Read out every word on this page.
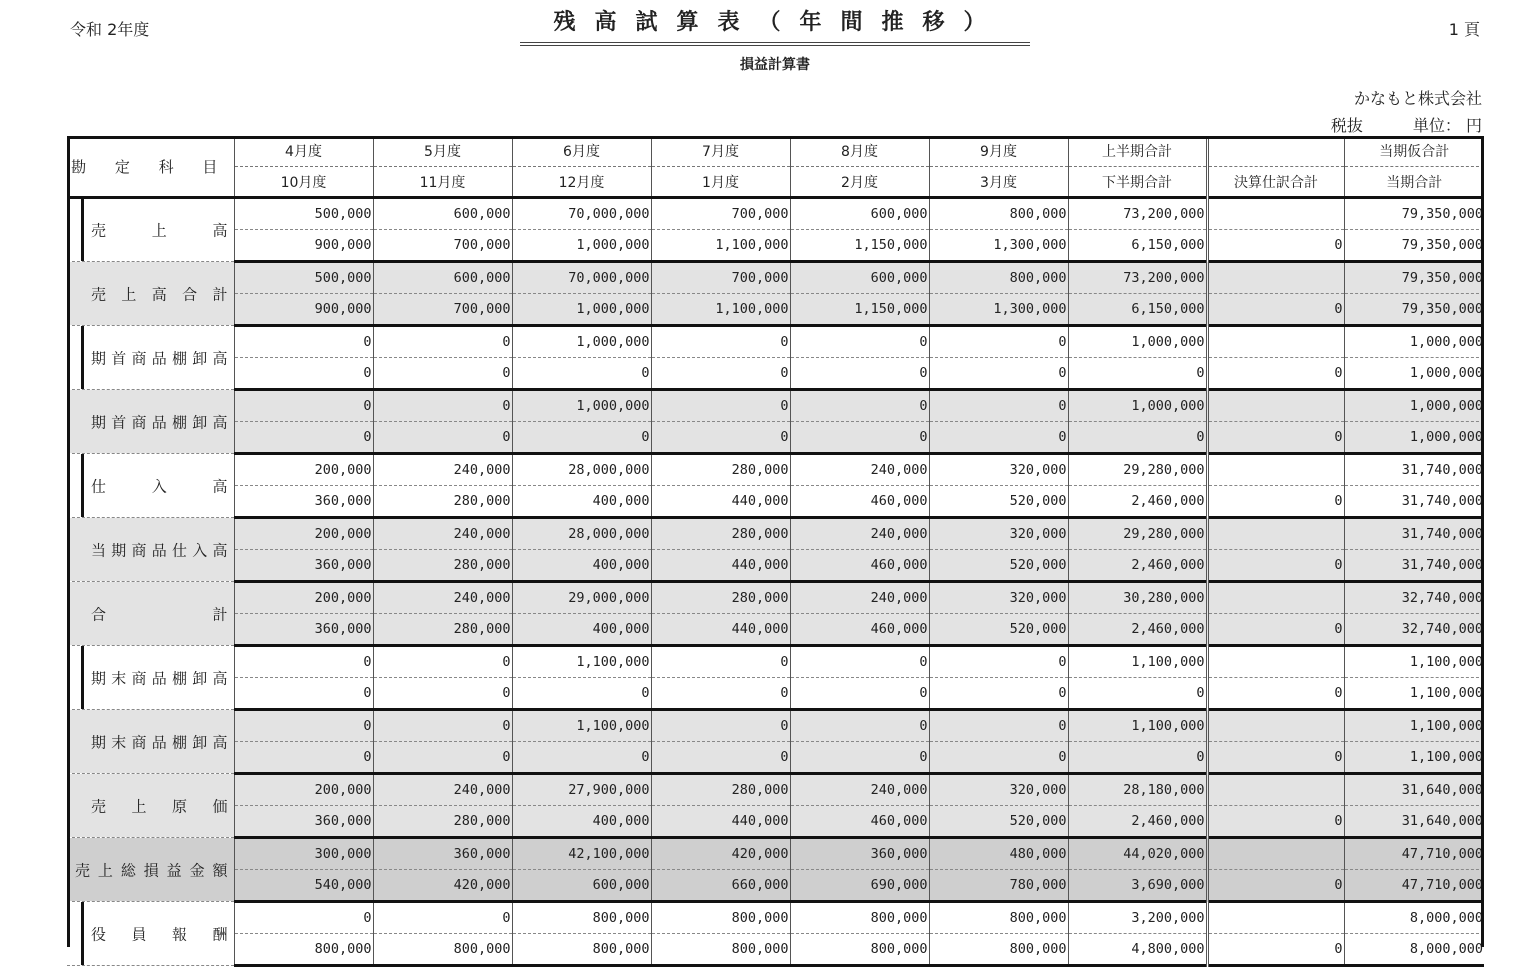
令和 2年度	残高試算表（年間推移）
損益計算書
1 頁
かなもと株式会社
税抜	単位： 円
勘 定 科 目	4月度	5月度	6月度	7月度	8月度	9月度	上半期合計		当期仮合計
	10月度	11月度	12月度	1月度	2月度	3月度	下半期合計	決算仕訳合計	当期合計

売上高	500,000	600,000	70,000,000	700,000	600,000	800,000	73,200,000		79,350,000
	900,000	700,000	1,000,000	1,100,000	1,150,000	1,300,000	6,150,000	0	79,350,000

売上高合計	500,000	600,000	70,000,000	700,000	600,000	800,000	73,200,000		79,350,000
	900,000	700,000	1,000,000	1,100,000	1,150,000	1,300,000	6,150,000	0	79,350,000

期首商品棚卸高	0	0	1,000,000	0	0	0	1,000,000		1,000,000
	0	0	0	0	0	0	0	0	1,000,000

期首商品棚卸高	0	0	1,000,000	0	0	0	1,000,000		1,000,000
	0	0	0	0	0	0	0	0	1,000,000

仕入高	200,000	240,000	28,000,000	280,000	240,000	320,000	29,280,000		31,740,000
	360,000	280,000	400,000	440,000	460,000	520,000	2,460,000	0	31,740,000

当期商品仕入高	200,000	240,000	28,000,000	280,000	240,000	320,000	29,280,000		31,740,000
	360,000	280,000	400,000	440,000	460,000	520,000	2,460,000	0	31,740,000

合計	200,000	240,000	29,000,000	280,000	240,000	320,000	30,280,000		32,740,000
	360,000	280,000	400,000	440,000	460,000	520,000	2,460,000	0	32,740,000

期末商品棚卸高	0	0	1,100,000	0	0	0	1,100,000		1,100,000
	0	0	0	0	0	0	0	0	1,100,000

期末商品棚卸高	0	0	1,100,000	0	0	0	1,100,000		1,100,000
	0	0	0	0	0	0	0	0	1,100,000

売上原価	200,000	240,000	27,900,000	280,000	240,000	320,000	28,180,000		31,640,000
	360,000	280,000	400,000	440,000	460,000	520,000	2,460,000	0	31,640,000

売上総損益金額	300,000	360,000	42,100,000	420,000	360,000	480,000	44,020,000		47,710,000
	540,000	420,000	600,000	660,000	690,000	780,000	3,690,000	0	47,710,000

役員報酬	0	0	800,000	800,000	800,000	800,000	3,200,000		8,000,000
	800,000	800,000	800,000	800,000	800,000	800,000	4,800,000	0	8,000,000
